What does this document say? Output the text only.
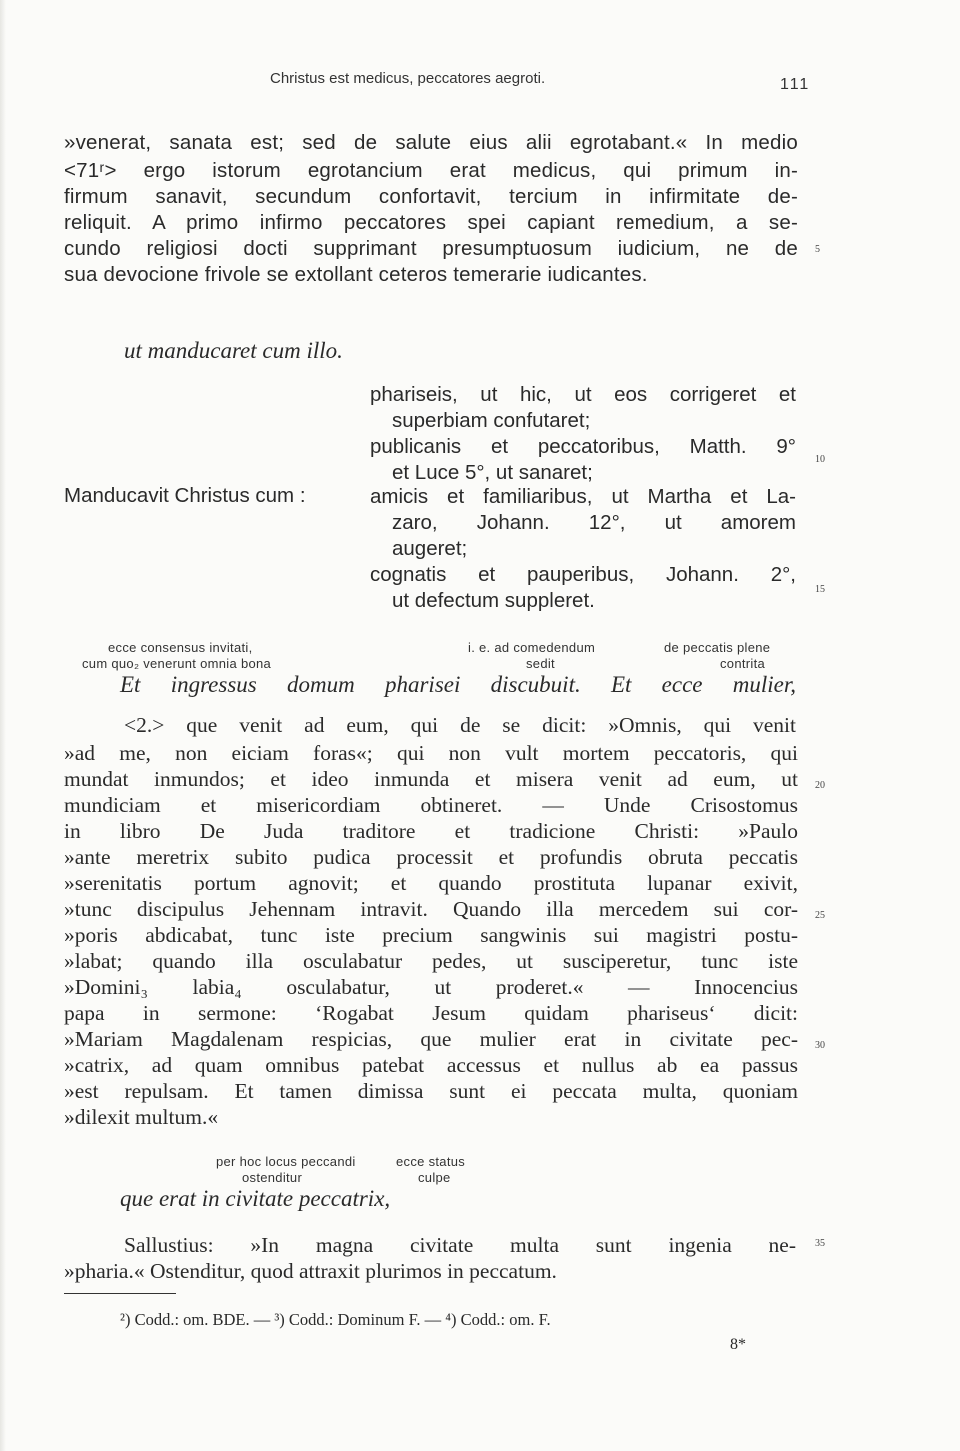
Christus est medicus, peccatores aegroti.	111
»venerat, sanata est; sed de salute eius alii egrotabant.« In medio
<71ʳ> ergo istorum egrotancium erat medicus, qui primum in-
firmum sanavit, secundum confortavit, tercium in infirmitate de-
reliquit. A primo infirmo peccatores spei capiant remedium, a se-
cundo religiosi docti supprimant presumptuosum iudicium, ne de
sua devocione frivole se extollant ceteros temerarie iudicantes.
5
ut manducaret cum illo.
phariseis, ut hic, ut eos corrigeret et
superbiam confutaret;
publicanis et peccatoribus, Matth. 9°
et Luce 5°, ut sanaret;
Manducavit Christus cum :	amicis et familiaribus, ut Martha et La-
zaro, Johann. 12°, ut amorem
augeret;
cognatis et pauperibus, Johann. 2°,
ut defectum suppleret.
10
15
ecce consensus invitati,
cum quo₂ venerunt omnia bona
i. e. ad comedendum
sedit
de peccatis plene
contrita
Et ingressus domum pharisei discubuit. Et ecce mulier,
<2.> que venit ad eum, qui de se dicit: »Omnis, qui venit
»ad me, non eiciam foras«; qui non vult mortem peccatoris, qui
mundat inmundos; et ideo inmunda et misera venit ad eum, ut
mundiciam et misericordiam obtineret. — Unde Crisostomus
in libro De Juda traditore et tradicione Christi: »Paulo
»ante meretrix subito pudica processit et profundis obruta peccatis
»serenitatis portum agnovit; et quando prostituta lupanar exivit,
»tunc discipulus Jehennam intravit. Quando illa mercedem sui cor-
»poris abdicabat, tunc iste precium sangwinis sui magistri postu-
»labat; quando illa osculabatur pedes, ut susciperetur, tunc iste
»Domini₃ labia₄ osculabatur, ut proderet.« — Innocencius
papa in sermone: ‘Rogabat Jesum quidam phariseus‘ dicit:
»Mariam Magdalenam respicias, que mulier erat in civitate pec-
»catrix, ad quam omnibus patebat accessus et nullus ab ea passus
»est repulsam. Et tamen dimissa sunt ei peccata multa, quoniam
»dilexit multum.«
20
25
30
per hoc locus peccandi
ostenditur
ecce status
culpe
que erat in civitate peccatrix,
Sallustius: »In magna civitate multa sunt ingenia ne-
»pharia.« Ostenditur, quod attraxit plurimos in peccatum.
35
²) Codd.: om. BDE. — ³) Codd.: Dominum F. — ⁴) Codd.: om. F.
8*
